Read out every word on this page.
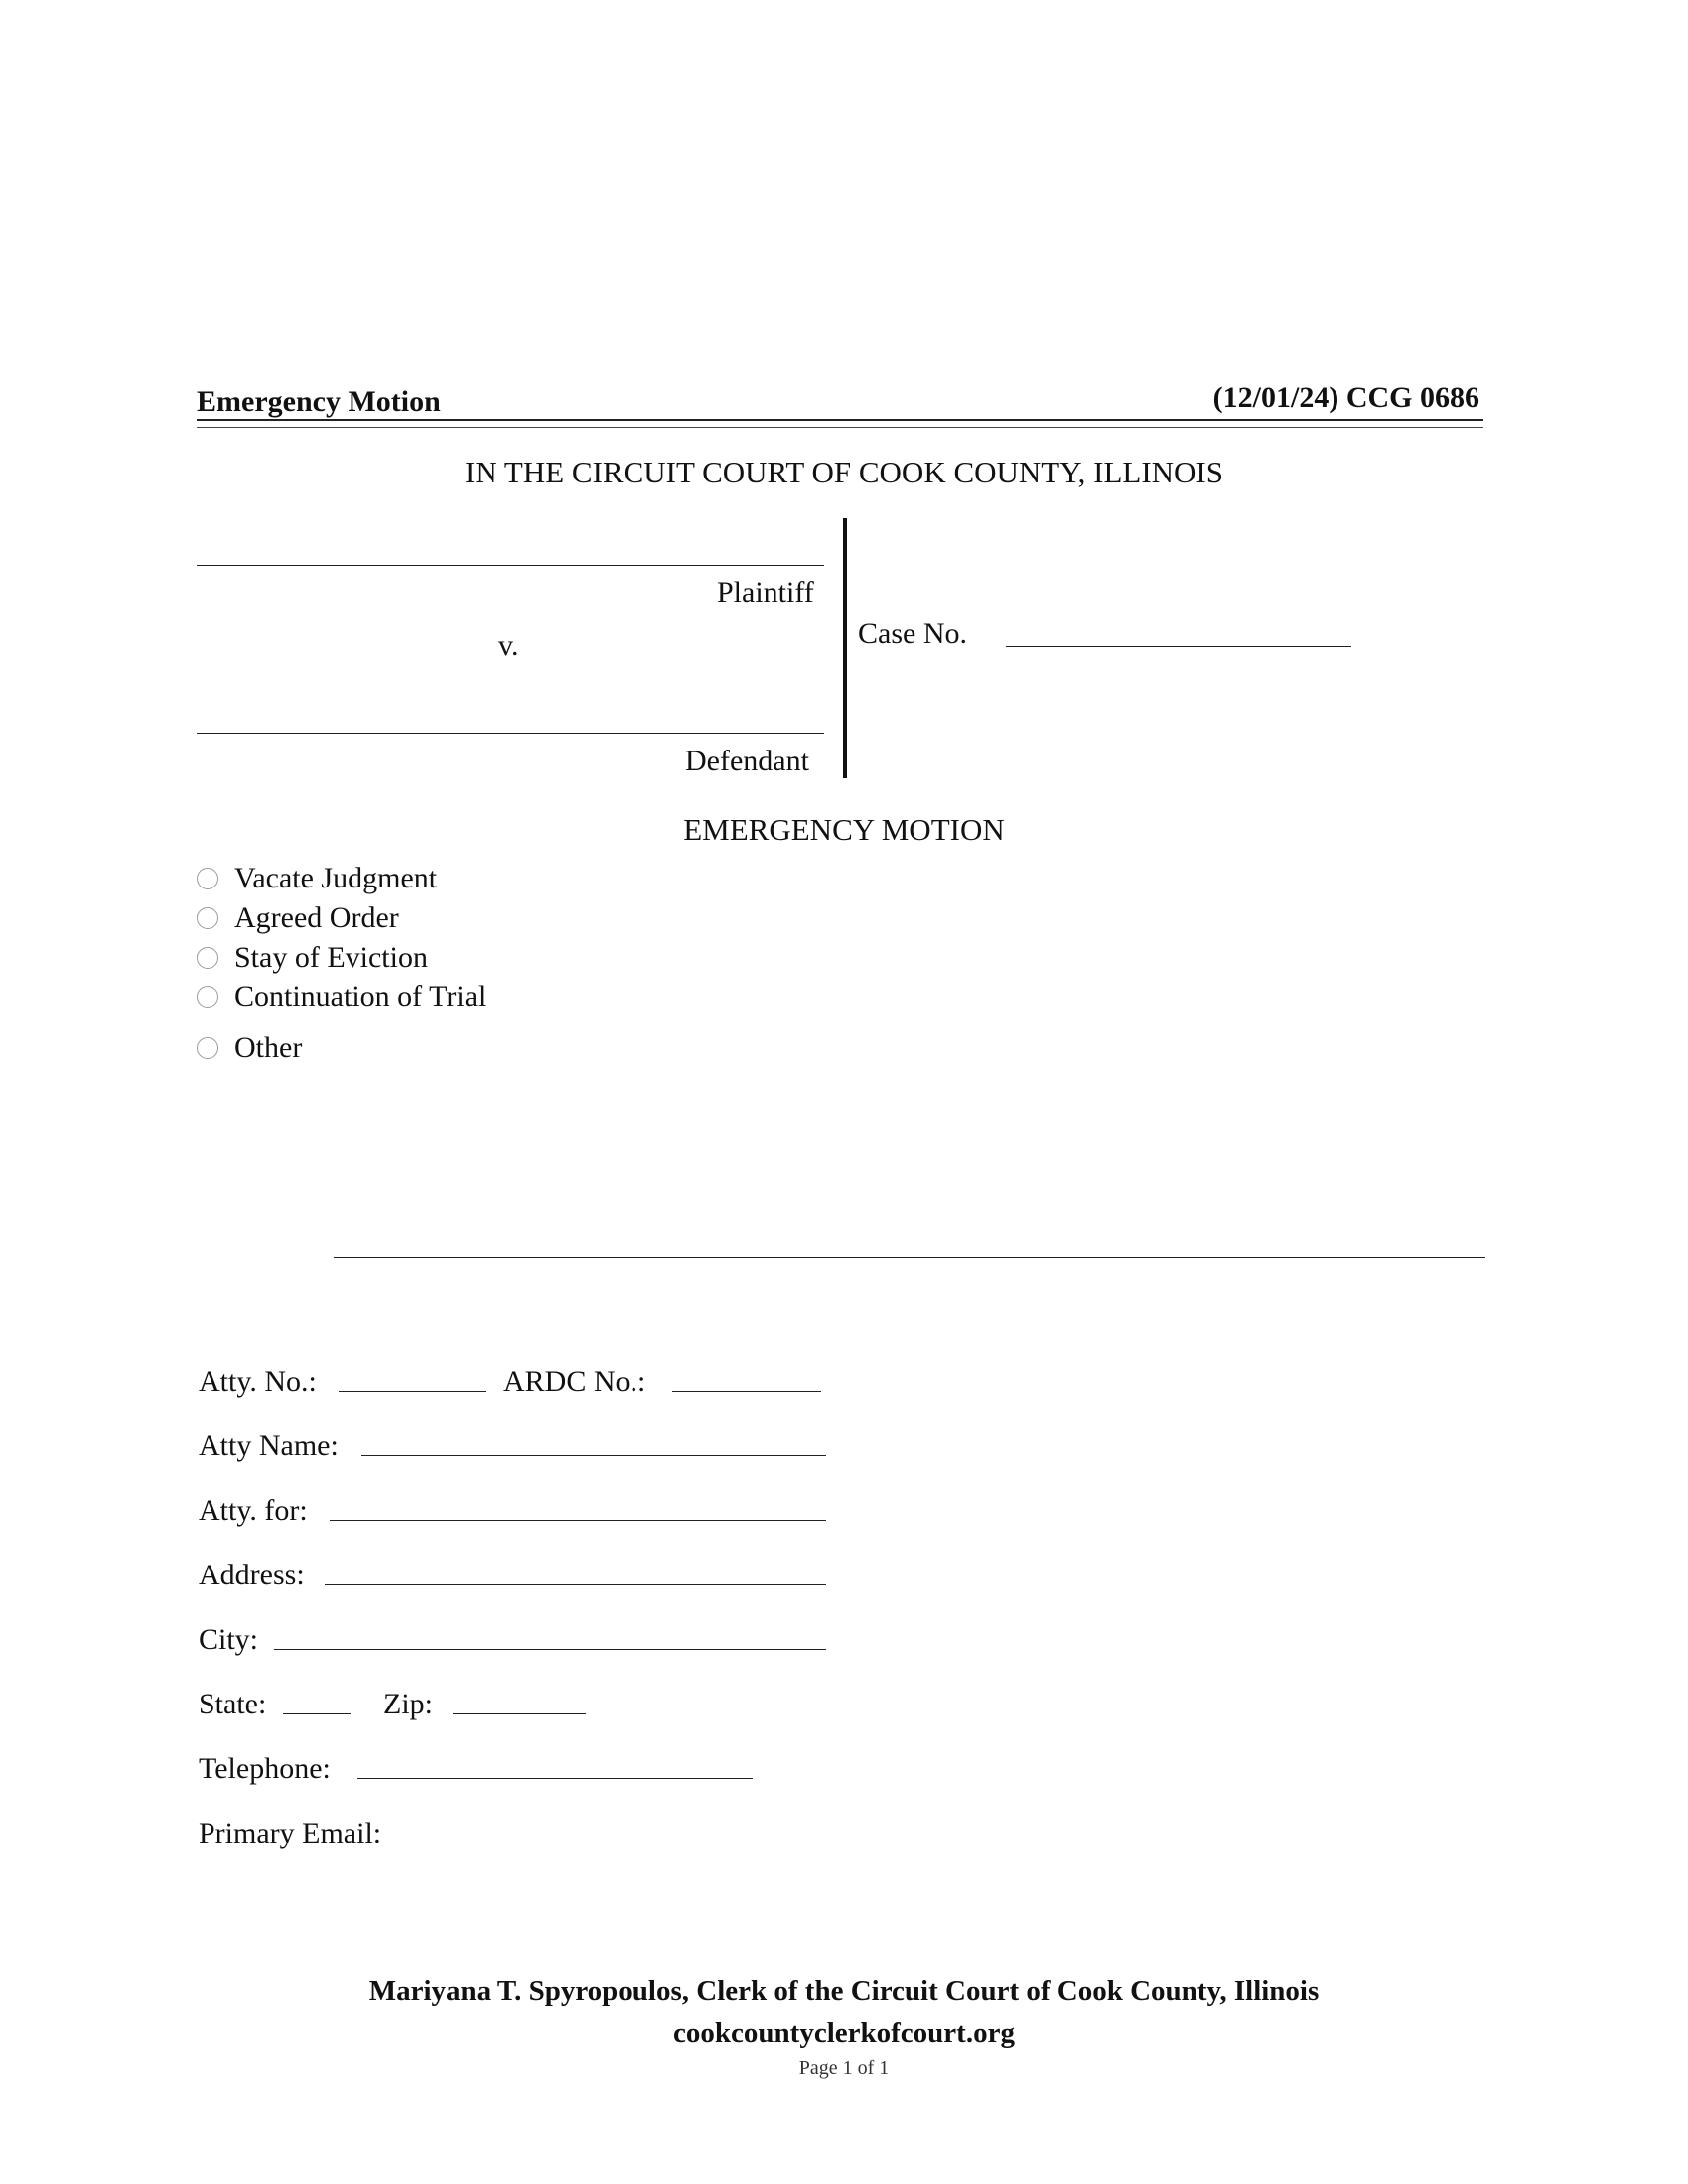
Emergency Motion	(12/01/24) CCG 0686
IN THE CIRCUIT COURT OF COOK COUNTY, ILLINOIS
Plaintiff
v.
Defendant
Case No.
EMERGENCY MOTION
Vacate Judgment
Agreed Order
Stay of Eviction
Continuation of Trial
Other
Atty. No.:	ARDC No.:
Atty Name:
Atty. for:
Address:
City:
State:	Zip:
Telephone:
Primary Email:
Mariyana T. Spyropoulos, Clerk of the Circuit Court of Cook County, Illinois
cookcountyclerkofcourt.org
Page 1 of 1
